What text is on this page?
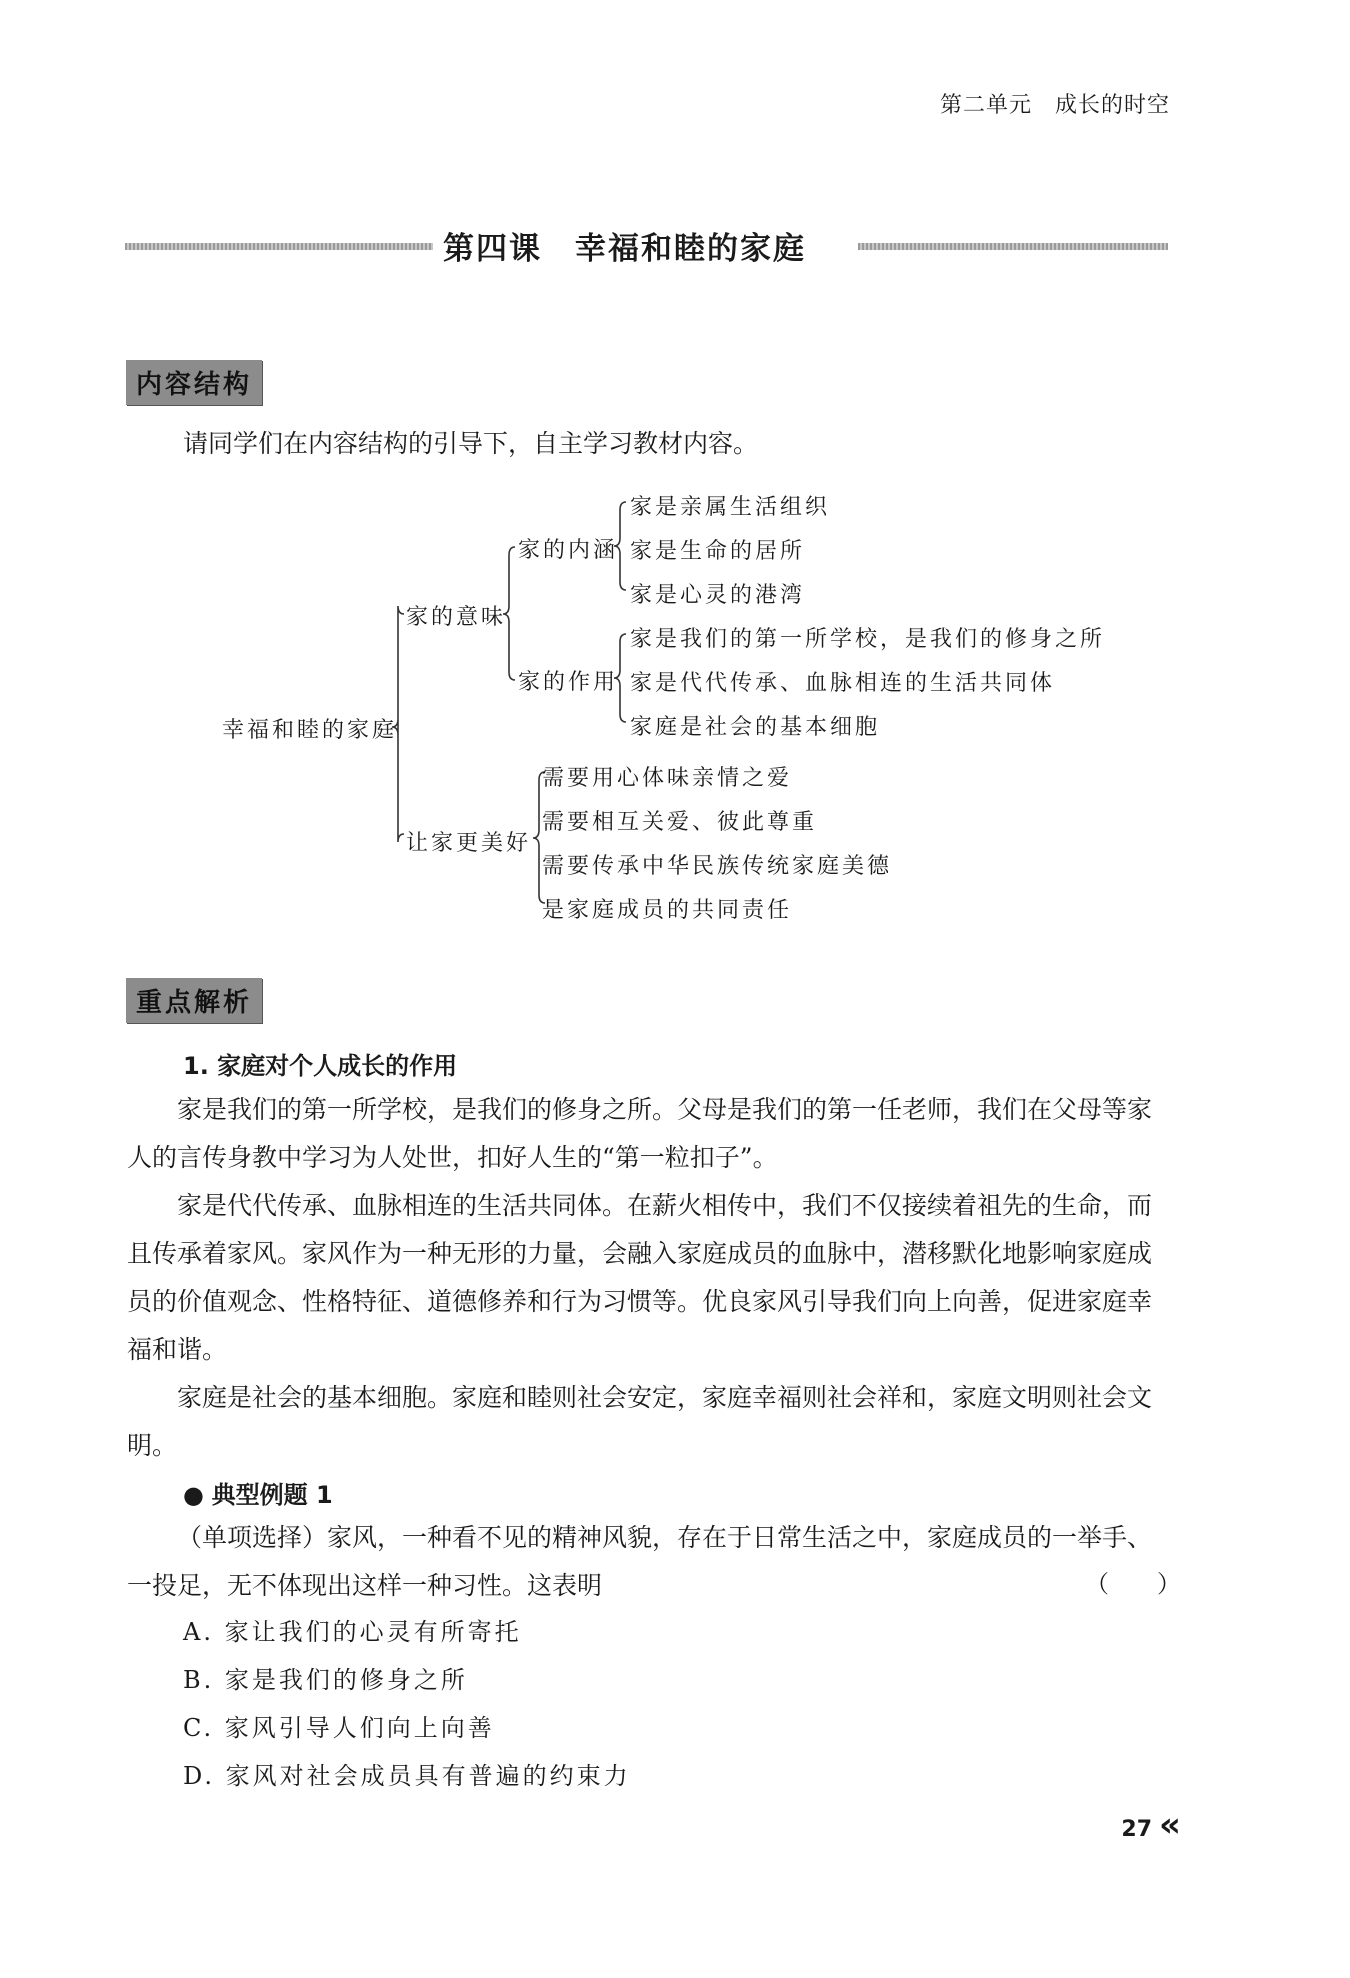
第二单元　成长的时空
第四课　幸福和睦的家庭
内容结构
请同学们在内容结构的引导下，自主学习教材内容。
幸福和睦的家庭
家的意味
家的内涵
家的作用
让家更美好
家是亲属生活组织
家是生命的居所
家是心灵的港湾
家是我们的第一所学校，是我们的修身之所
家是代代传承、血脉相连的生活共同体
家庭是社会的基本细胞
需要用心体味亲情之爱
需要相互关爱、彼此尊重
需要传承中华民族传统家庭美德
是家庭成员的共同责任
重点解析
1. 家庭对个人成长的作用
家是我们的第一所学校，是我们的修身之所。父母是我们的第一任老师，我们在父母等家人的言传身教中学习为人处世，扣好人生的“第一粒扣子”。
家是代代传承、血脉相连的生活共同体。在薪火相传中，我们不仅接续着祖先的生命，而且传承着家风。家风作为一种无形的力量，会融入家庭成员的血脉中，潜移默化地影响家庭成员的价值观念、性格特征、道德修养和行为习惯等。优良家风引导我们向上向善，促进家庭幸福和谐。
家庭是社会的基本细胞。家庭和睦则社会安定，家庭幸福则社会祥和，家庭文明则社会文明。
● 典型例题 1
（单项选择）家风，一种看不见的精神风貌，存在于日常生活之中，家庭成员的一举手、一投足，无不体现出这样一种习性。这表明	（　　）
A. 家让我们的心灵有所寄托
B. 家是我们的修身之所
C. 家风引导人们向上向善
D. 家风对社会成员具有普遍的约束力
27 «
